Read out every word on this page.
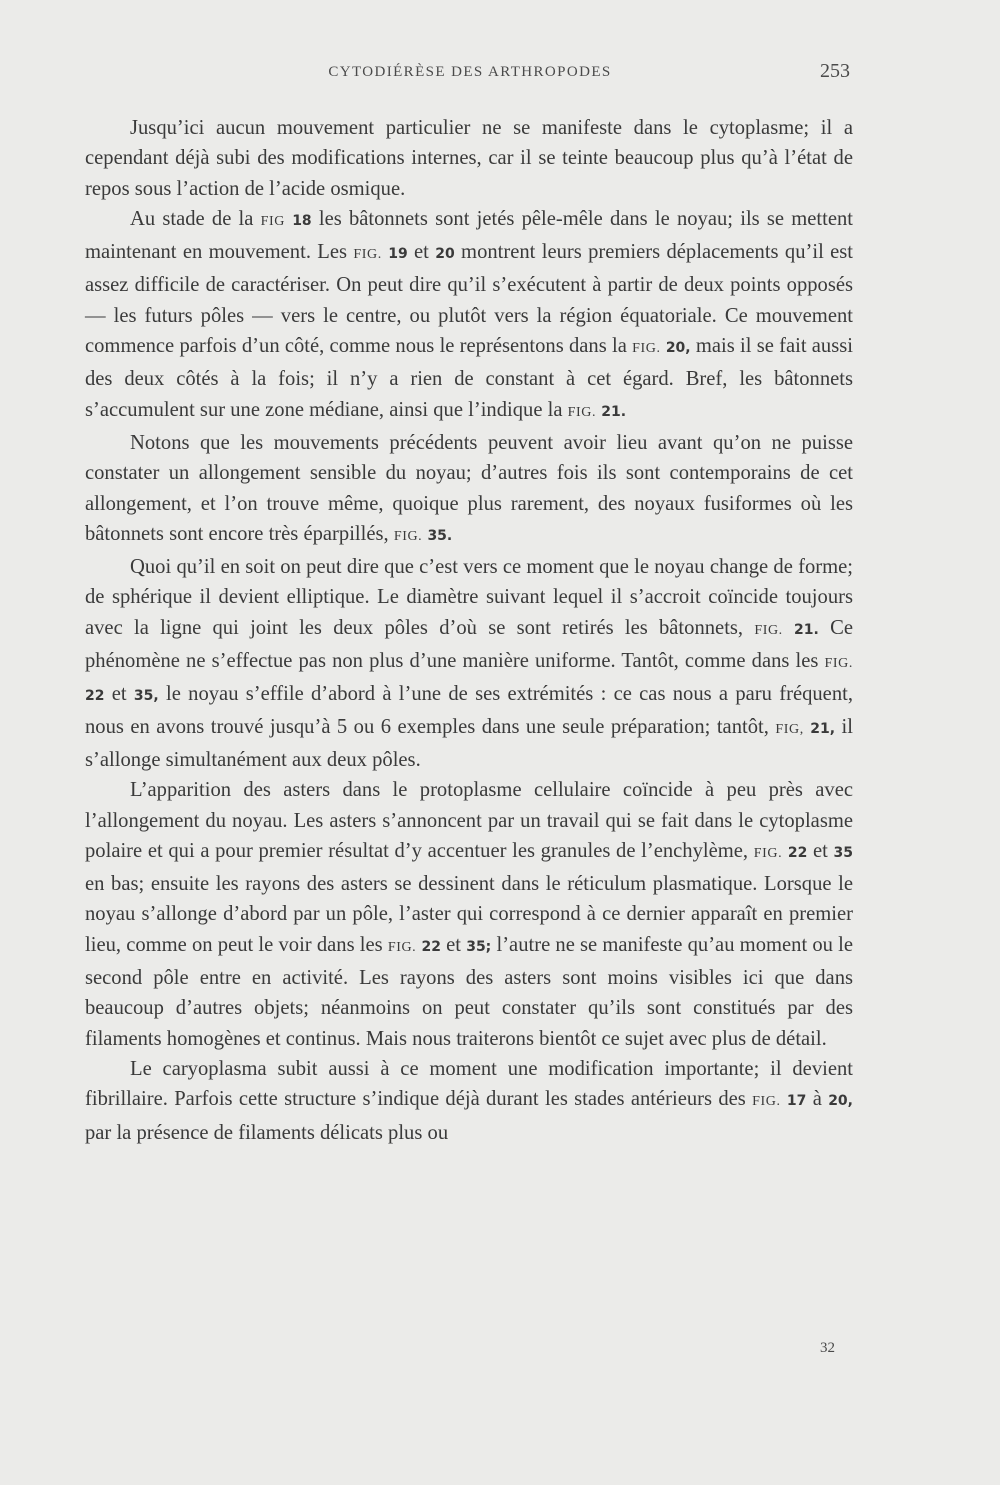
CYTODIÉRÈSE DES ARTHROPODES	253

Jusqu’ici aucun mouvement particulier ne se manifeste dans le cytoplasme; il a cependant déjà subi des modifications internes, car il se teinte beaucoup plus qu’à l’état de repos sous l’action de l’acide osmique.

Au stade de la FIG 18 les bâtonnets sont jetés pêle-mêle dans le noyau; ils se mettent maintenant en mouvement. Les FIG. 19 et 20 montrent leurs premiers déplacements qu’il est assez difficile de caractériser. On peut dire qu’il s’exécutent à partir de deux points opposés — les futurs pôles — vers le centre, ou plutôt vers la région équatoriale. Ce mouvement commence parfois d’un côté, comme nous le représentons dans la FIG. 20, mais il se fait aussi des deux côtés à la fois; il n’y a rien de constant à cet égard. Bref, les bâtonnets s’accumulent sur une zone médiane, ainsi que l’indique la FIG. 21.

Notons que les mouvements précédents peuvent avoir lieu avant qu’on ne puisse constater un allongement sensible du noyau; d’autres fois ils sont contemporains de cet allongement, et l’on trouve même, quoique plus rarement, des noyaux fusiformes où les bâtonnets sont encore très éparpillés, FIG. 35.

Quoi qu’il en soit on peut dire que c’est vers ce moment que le noyau change de forme; de sphérique il devient elliptique. Le diamètre suivant lequel il s’accroit coïncide toujours avec la ligne qui joint les deux pôles d’où se sont retirés les bâtonnets, FIG. 21. Ce phénomène ne s’effectue pas non plus d’une manière uniforme. Tantôt, comme dans les FIG. 22 et 35, le noyau s’effile d’abord à l’une de ses extrémités : ce cas nous a paru fréquent, nous en avons trouvé jusqu’à 5 ou 6 exemples dans une seule préparation; tantôt, FIG, 21, il s’allonge simultanément aux deux pôles.

L’apparition des asters dans le protoplasme cellulaire coïncide à peu près avec l’allongement du noyau. Les asters s’annoncent par un travail qui se fait dans le cytoplasme polaire et qui a pour premier résultat d’y accentuer les granules de l’enchylème, FIG. 22 et 35 en bas; ensuite les rayons des asters se dessinent dans le réticulum plasmatique. Lorsque le noyau s’allonge d’abord par un pôle, l’aster qui correspond à ce dernier apparaît en premier lieu, comme on peut le voir dans les FIG. 22 et 35; l’autre ne se manifeste qu’au moment ou le second pôle entre en activité. Les rayons des asters sont moins visibles ici que dans beaucoup d’autres objets; néanmoins on peut constater qu’ils sont constitués par des filaments homogènes et continus. Mais nous traiterons bientôt ce sujet avec plus de détail.

Le caryoplasma subit aussi à ce moment une modification importante; il devient fibrillaire. Parfois cette structure s’indique déjà durant les stades antérieurs des FIG. 17 à 20, par la présence de filaments délicats plus ou

32
